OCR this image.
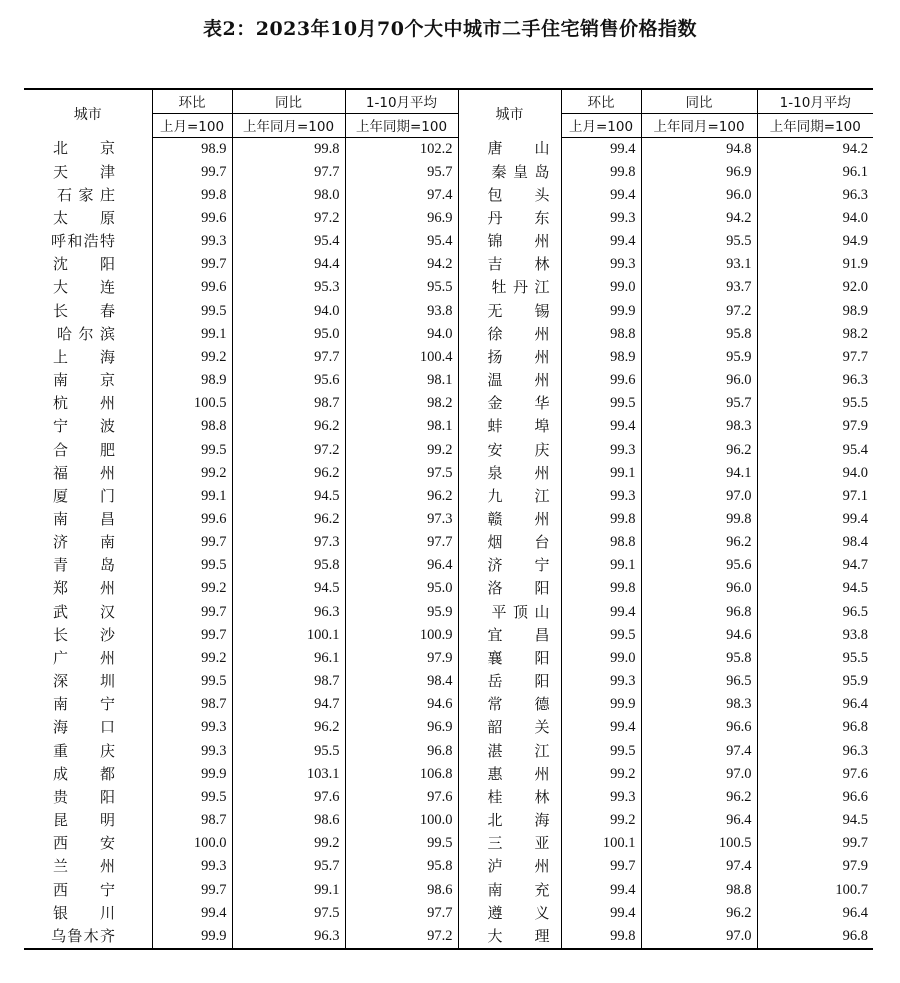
表2：2023年10月70个大中城市二手住宅销售价格指数
城市	环比	同比	1-10月平均	城市	环比	同比	1-10月平均
	上月=100	上年同月=100	上年同期=100		上月=100	上年同月=100	上年同期=100

北 京	98.9	99.8	102.2	唐 山	99.4	94.8	94.2

天 津	99.7	97.7	95.7	秦 皇 岛	99.8	96.9	96.1

石 家 庄	99.8	98.0	97.4	包 头	99.4	96.0	96.3

太 原	99.6	97.2	96.9	丹 东	99.3	94.2	94.0

呼 和 浩 特	99.3	95.4	95.4	锦 州	99.4	95.5	94.9

沈 阳	99.7	94.4	94.2	吉 林	99.3	93.1	91.9

大 连	99.6	95.3	95.5	牡 丹 江	99.0	93.7	92.0

长 春	99.5	94.0	93.8	无 锡	99.9	97.2	98.9

哈 尔 滨	99.1	95.0	94.0	徐 州	98.8	95.8	98.2

上 海	99.2	97.7	100.4	扬 州	98.9	95.9	97.7

南 京	98.9	95.6	98.1	温 州	99.6	96.0	96.3

杭 州	100.5	98.7	98.2	金 华	99.5	95.7	95.5

宁 波	98.8	96.2	98.1	蚌 埠	99.4	98.3	97.9

合 肥	99.5	97.2	99.2	安 庆	99.3	96.2	95.4

福 州	99.2	96.2	97.5	泉 州	99.1	94.1	94.0

厦 门	99.1	94.5	96.2	九 江	99.3	97.0	97.1

南 昌	99.6	96.2	97.3	赣 州	99.8	99.8	99.4

济 南	99.7	97.3	97.7	烟 台	98.8	96.2	98.4

青 岛	99.5	95.8	96.4	济 宁	99.1	95.6	94.7

郑 州	99.2	94.5	95.0	洛 阳	99.8	96.0	94.5

武 汉	99.7	96.3	95.9	平 顶 山	99.4	96.8	96.5

长 沙	99.7	100.1	100.9	宜 昌	99.5	94.6	93.8

广 州	99.2	96.1	97.9	襄 阳	99.0	95.8	95.5

深 圳	99.5	98.7	98.4	岳 阳	99.3	96.5	95.9

南 宁	98.7	94.7	94.6	常 德	99.9	98.3	96.4

海 口	99.3	96.2	96.9	韶 关	99.4	96.6	96.8

重 庆	99.3	95.5	96.8	湛 江	99.5	97.4	96.3

成 都	99.9	103.1	106.8	惠 州	99.2	97.0	97.6

贵 阳	99.5	97.6	97.6	桂 林	99.3	96.2	96.6

昆 明	98.7	98.6	100.0	北 海	99.2	96.4	94.5

西 安	100.0	99.2	99.5	三 亚	100.1	100.5	99.7

兰 州	99.3	95.7	95.8	泸 州	99.7	97.4	97.9

西 宁	99.7	99.1	98.6	南 充	99.4	98.8	100.7

银 川	99.4	97.5	97.7	遵 义	99.4	96.2	96.4

乌 鲁 木 齐	99.9	96.3	97.2	大 理	99.8	97.0	96.8
